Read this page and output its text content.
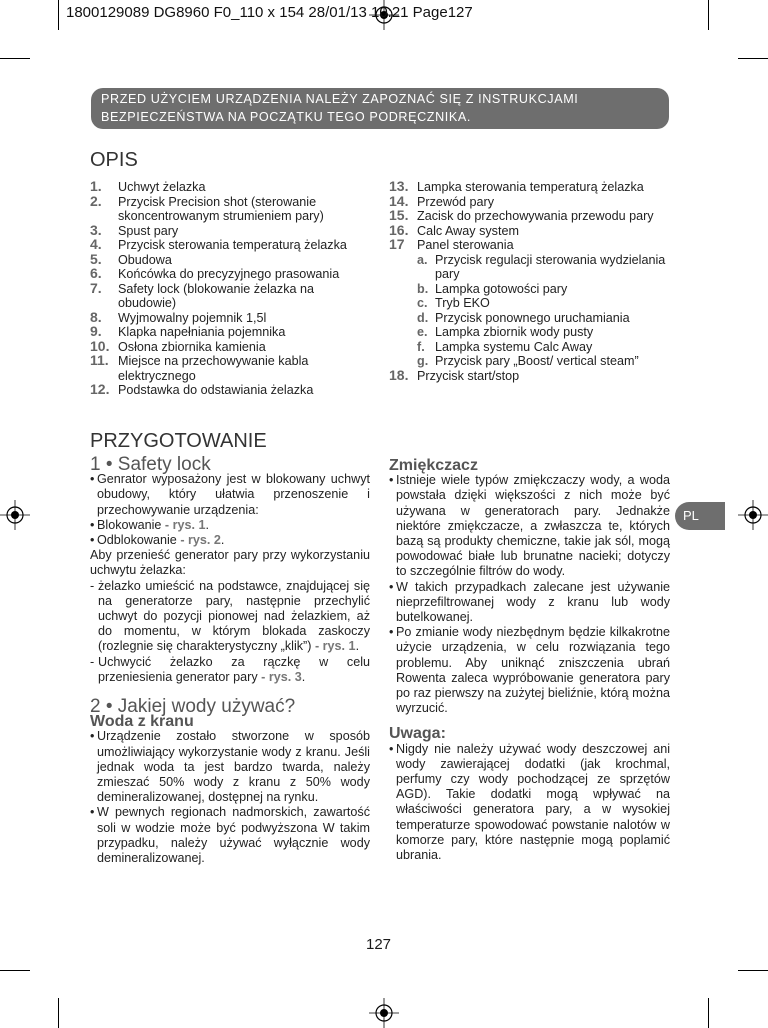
1800129089 DG8960 F0_110 x 154 28/01/13 10:21 Page127
PRZED UŻYCIEM URZĄDZENIA NALEŻY ZAPOZNAĆ SIĘ Z INSTRUKCJAMI
BEZPIECZEŃSTWA NA POCZĄTKU TEGO PODRĘCZNIKA.
OPIS
1. Uchwyt żelazka
2. Przycisk Precision shot (sterowanie skoncentrowanym strumieniem pary)
3. Spust pary
4. Przycisk sterowania temperaturą żelazka
5. Obudowa
6. Końcówka do precyzyjnego prasowania
7. Safety lock (blokowanie żelazka na obudowie)
8. Wyjmowalny pojemnik 1,5l
9. Klapka napełniania pojemnika
10. Osłona zbiornika kamienia
11. Miejsce na przechowywanie kabla elektrycznego
12. Podstawka do odstawiania żelazka
13. Lampka sterowania temperaturą żelazka
14. Przewód pary
15. Zacisk do przechowywania przewodu pary
16. Calc Away system
17 Panel sterowania
a. Przycisk regulacji sterowania wydzielania pary
b. Lampka gotowości pary
c. Tryb EKO
d. Przycisk ponownego uruchamiania
e. Lampka zbiornik wody pusty
f. Lampka systemu Calc Away
g. Przycisk pary „Boost/ vertical steam”
18. Przycisk start/stop
PRZYGOTOWANIE
1 • Safety lock
• Genrator wyposażony jest w blokowany uchwyt obudowy, który ułatwia przenoszenie i przechowywanie urządzenia:
• Blokowanie - rys. 1.
• Odblokowanie - rys. 2.
Aby przenieść generator pary przy wykorzystaniu uchwytu żelazka:
- żelazko umieścić na podstawce, znajdującej się na generatorze pary, następnie przechylić uchwyt do pozycji pionowej nad żelazkiem, aż do momentu, w którym blokada zaskoczy (rozlegnie się charakterystyczny „klik”) - rys. 1.
- Uchwycić żelazko za rączkę w celu przeniesienia generator pary - rys. 3.
2 • Jakiej wody używać?
Woda z kranu
• Urządzenie zostało stworzone w sposób umożliwiający wykorzystanie wody z kranu. Jeśli jednak woda ta jest bardzo twarda, należy zmieszać 50% wody z kranu z 50% wody demineralizowanej, dostępnej na rynku.
• W pewnych regionach nadmorskich, zawartość soli w wodzie może być podwyższona W takim przypadku, należy używać wyłącznie wody demineralizowanej.
Zmiękczacz
• Istnieje wiele typów zmiękczaczy wody, a woda powstała dzięki większości z nich może być używana w generatorach pary. Jednakże niektóre zmiękczacze, a zwłaszcza te, których bazą są produkty chemiczne, takie jak sól, mogą powodować białe lub brunatne nacieki; dotyczy to szczególnie filtrów do wody.
• W takich przypadkach zalecane jest używanie nieprzefiltrowanej wody z kranu lub wody butelkowanej.
• Po zmianie wody niezbędnym będzie kilkakrotne użycie urządzenia, w celu rozwiązania tego problemu. Aby uniknąć zniszczenia ubrań Rowenta zaleca wypróbowanie generatora pary po raz pierwszy na zużytej bieliźnie, którą można wyrzucić.
Uwaga:
• Nigdy nie należy używać wody deszczowej ani wody zawierającej dodatki (jak krochmal, perfumy czy wody pochodzącej ze sprzętów AGD). Takie dodatki mogą wpływać na właściwości generatora pary, a w wysokiej temperaturze spowodować powstanie nalotów w komorze pary, które następnie mogą poplamić ubrania.
PL
127
